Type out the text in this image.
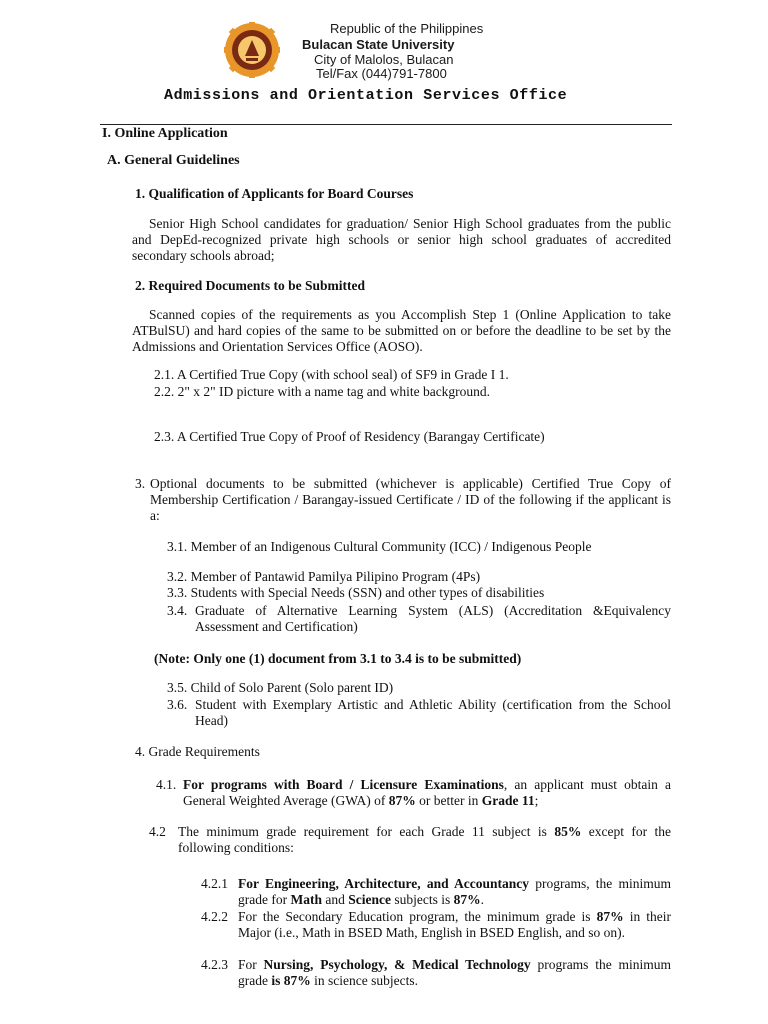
Republic of the Philippines
Bulacan State University
City of Malolos, Bulacan
Tel/Fax (044)791-7800
Admissions and Orientation Services Office
I. Online Application
A. General Guidelines
1. Qualification of Applicants for Board Courses
Senior High School candidates for graduation/ Senior High School graduates from the public and DepEd-recognized private high schools or senior high school graduates of accredited secondary schools abroad;
2. Required Documents to be Submitted
Scanned copies of the requirements as you Accomplish Step 1 (Online Application to take ATBulSU) and hard copies of the same to be submitted on or before the deadline to be set by the Admissions and Orientation Services Office (AOSO).
2.1. A Certified True Copy (with school seal) of SF9 in Grade I 1.
2.2. 2" x 2" ID picture with a name tag and white background.
2.3. A Certified True Copy of Proof of Residency (Barangay Certificate)
3. Optional documents to be submitted (whichever is applicable) Certified True Copy of Membership Certification / Barangay-issued Certificate / ID of the following if the applicant is a:
3.1. Member of an Indigenous Cultural Community (ICC) / Indigenous People
3.2. Member of Pantawid Pamilya Pilipino Program (4Ps)
3.3. Students with Special Needs (SSN) and other types of disabilities
3.4. Graduate of Alternative Learning System (ALS) (Accreditation &Equivalency Assessment and Certification)
(Note: Only one (1) document from 3.1 to 3.4 is to be submitted)
3.5. Child of Solo Parent (Solo parent ID)
3.6. Student with Exemplary Artistic and Athletic Ability (certification from the School Head)
4. Grade Requirements
4.1. For programs with Board / Licensure Examinations, an applicant must obtain a General Weighted Average (GWA) of 87% or better in Grade 11;
4.2 The minimum grade requirement for each Grade 11 subject is 85% except for the following conditions:
4.2.1 For Engineering, Architecture, and Accountancy programs, the minimum grade for Math and Science subjects is 87%.
4.2.2 For the Secondary Education program, the minimum grade is 87% in their Major (i.e., Math in BSED Math, English in BSED English, and so on).
4.2.3 For Nursing, Psychology, & Medical Technology programs the minimum grade is 87% in science subjects.
